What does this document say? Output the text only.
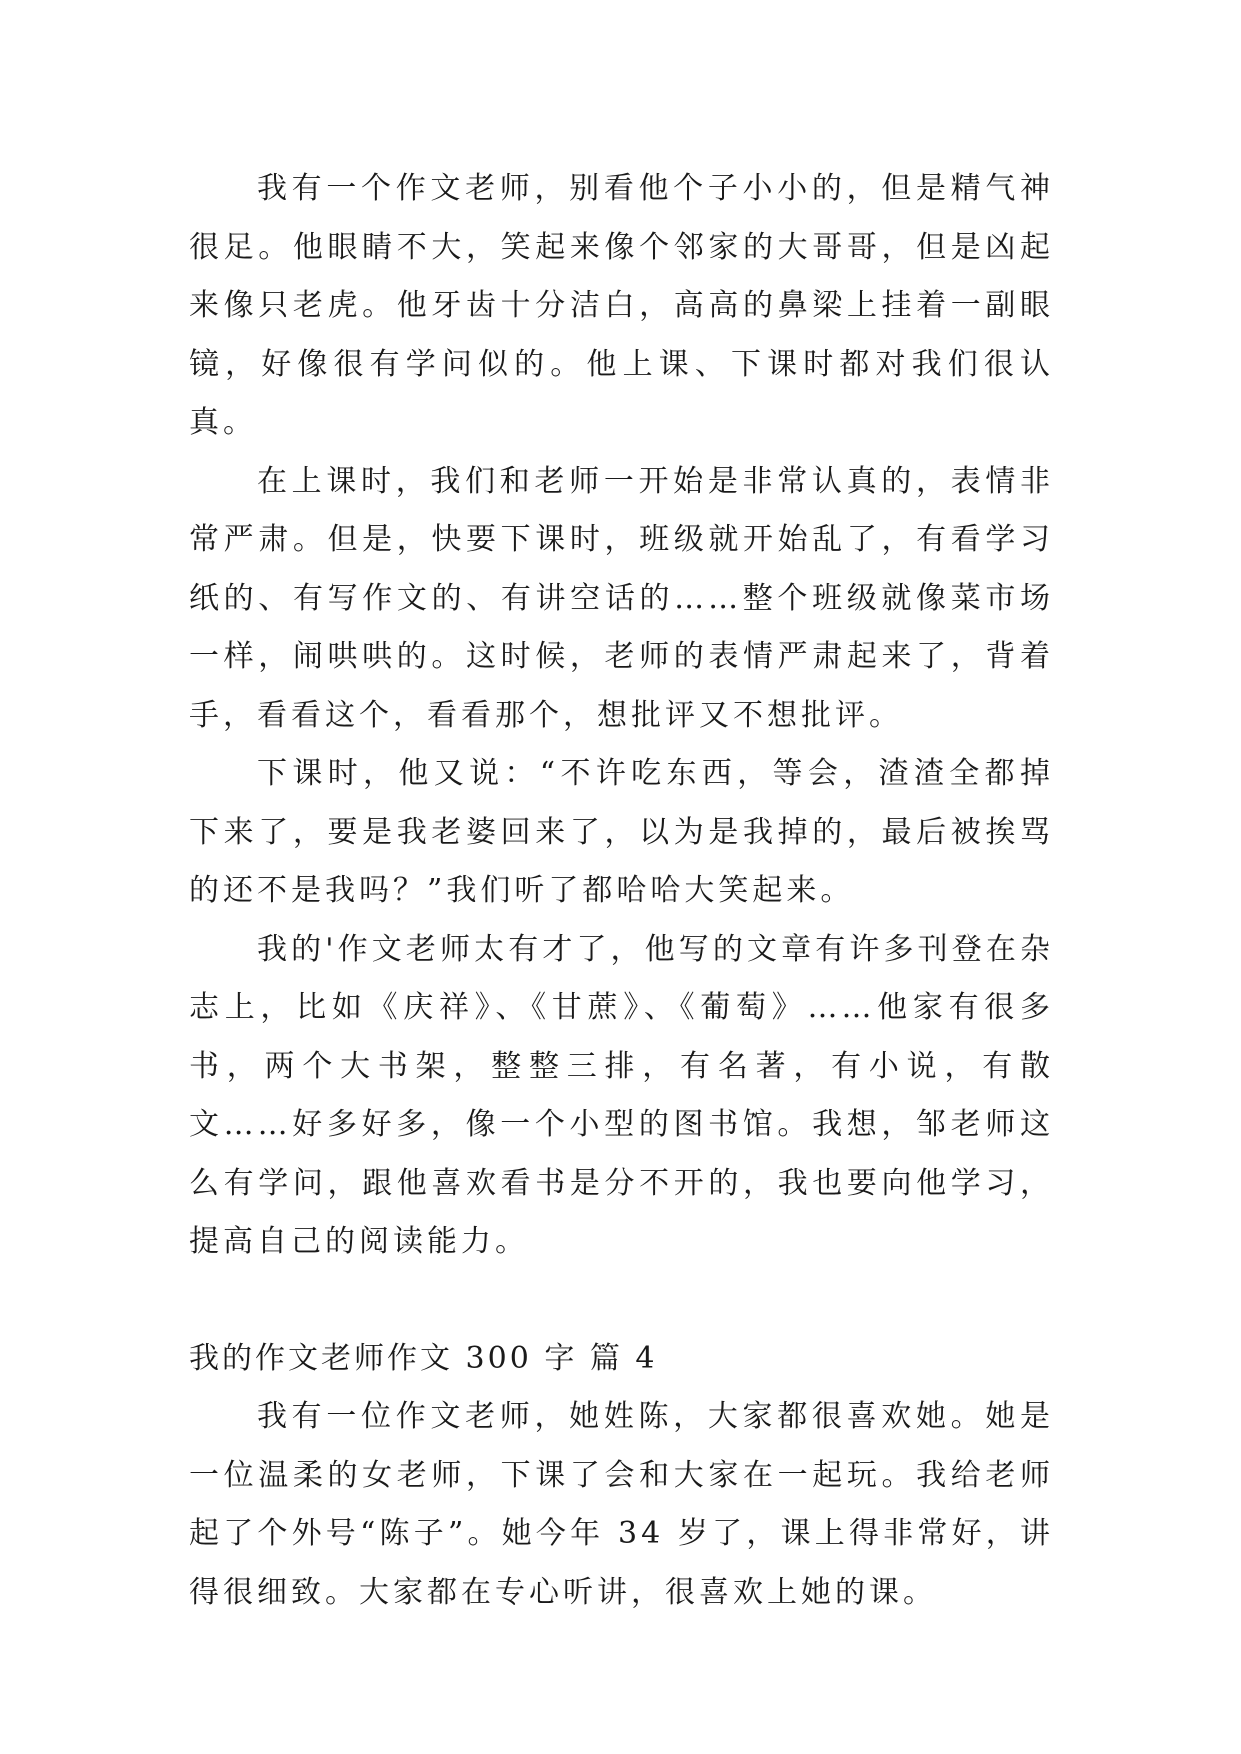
我有一个作文老师，别看他个子小小的，但是精气神很足。他眼睛不大，笑起来像个邻家的大哥哥，但是凶起来像只老虎。他牙齿十分洁白，高高的鼻梁上挂着一副眼镜，好像很有学问似的。他上课、下课时都对我们很认真。

在上课时，我们和老师一开始是非常认真的，表情非常严肃。但是，快要下课时，班级就开始乱了，有看学习纸的、有写作文的、有讲空话的……整个班级就像菜市场一样，闹哄哄的。这时候，老师的表情严肃起来了，背着手，看看这个，看看那个，想批评又不想批评。

下课时，他又说：“不许吃东西，等会，渣渣全都掉下来了，要是我老婆回来了，以为是我掉的，最后被挨骂的还不是我吗？”我们听了都哈哈大笑起来。

我的'作文老师太有才了，他写的文章有许多刊登在杂志上，比如《庆祥》、《甘蔗》、《葡萄》……他家有很多书，两个大书架，整整三排，有名著，有小说，有散文……好多好多，像一个小型的图书馆。我想，邹老师这么有学问，跟他喜欢看书是分不开的，我也要向他学习，提高自己的阅读能力。

我的作文老师作文 300 字 篇 4

我有一位作文老师，她姓陈，大家都很喜欢她。她是一位温柔的女老师，下课了会和大家在一起玩。我给老师起了个外号“陈子”。她今年 34 岁了，课上得非常好，讲得很细致。大家都在专心听讲，很喜欢上她的课。
